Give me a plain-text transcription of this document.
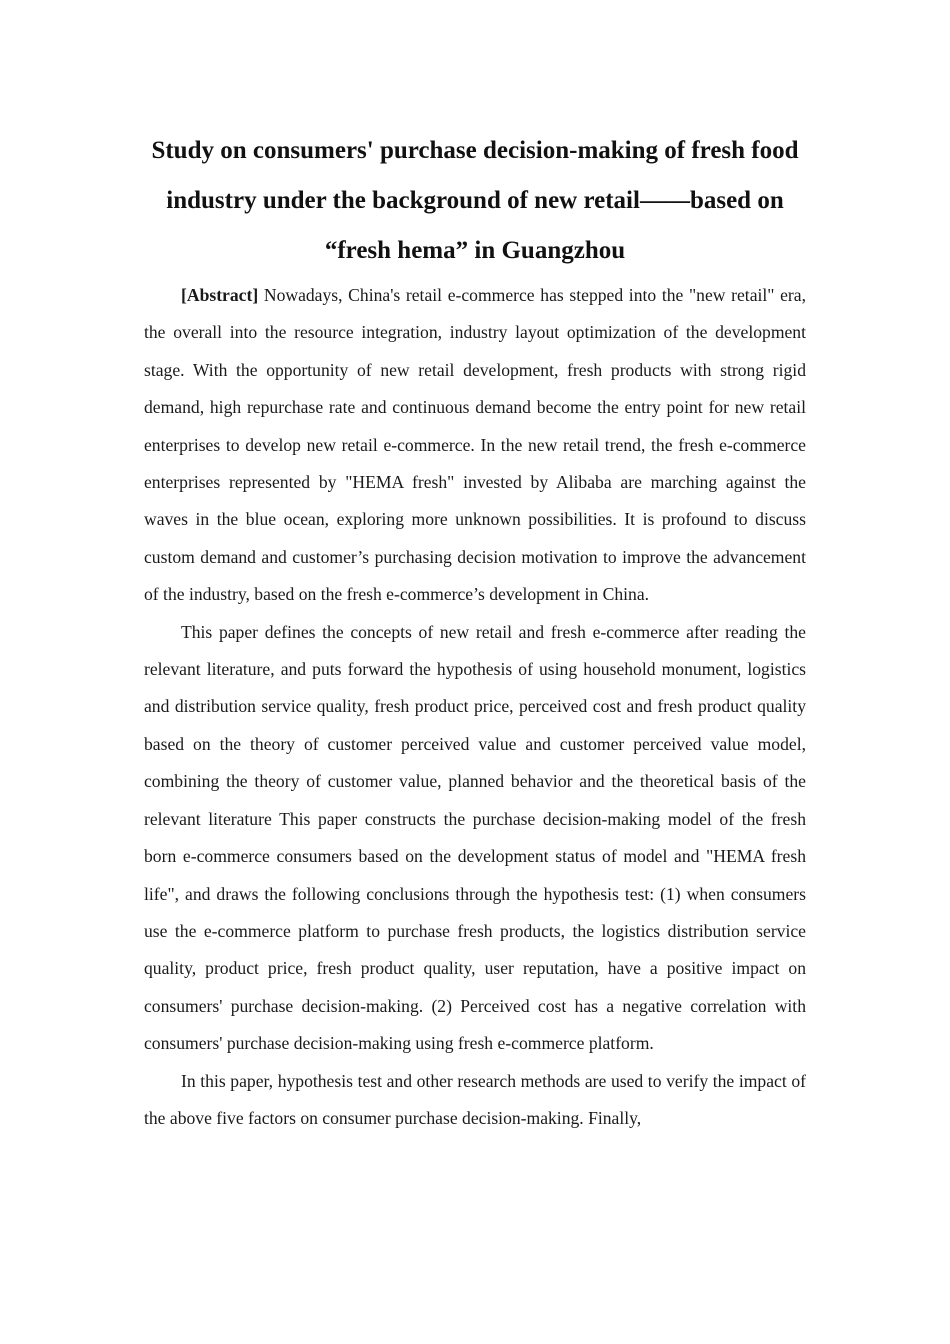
Study on consumers' purchase decision-making of fresh food
industry under the background of new retail——based on
“fresh hema” in Guangzhou

[Abstract] Nowadays, China's retail e-commerce has stepped into the "new retail" era, the overall into the resource integration, industry layout optimization of the development stage. With the opportunity of new retail development, fresh products with strong rigid demand, high repurchase rate and continuous demand become the entry point for new retail enterprises to develop new retail e-commerce. In the new retail trend, the fresh e-commerce enterprises represented by "HEMA fresh" invested by Alibaba are marching against the waves in the blue ocean, exploring more unknown possibilities. It is profound to discuss custom demand and customer’s purchasing decision motivation to improve the advancement of the industry, based on the fresh e-commerce’s development in China.

This paper defines the concepts of new retail and fresh e-commerce after reading the relevant literature, and puts forward the hypothesis of using household monument, logistics and distribution service quality, fresh product price, perceived cost and fresh product quality based on the theory of customer perceived value and customer perceived value model, combining the theory of customer value, planned behavior and the theoretical basis of the relevant literature This paper constructs the purchase decision-making model of the fresh born e-commerce consumers based on the development status of model and "HEMA fresh life", and draws the following conclusions through the hypothesis test: (1) when consumers use the e-commerce platform to purchase fresh products, the logistics distribution service quality, product price, fresh product quality, user reputation, have a positive impact on consumers' purchase decision-making. (2) Perceived cost has a negative correlation with consumers' purchase decision-making using fresh e-commerce platform.

In this paper, hypothesis test and other research methods are used to verify the impact of the above five factors on consumer purchase decision-making. Finally,
